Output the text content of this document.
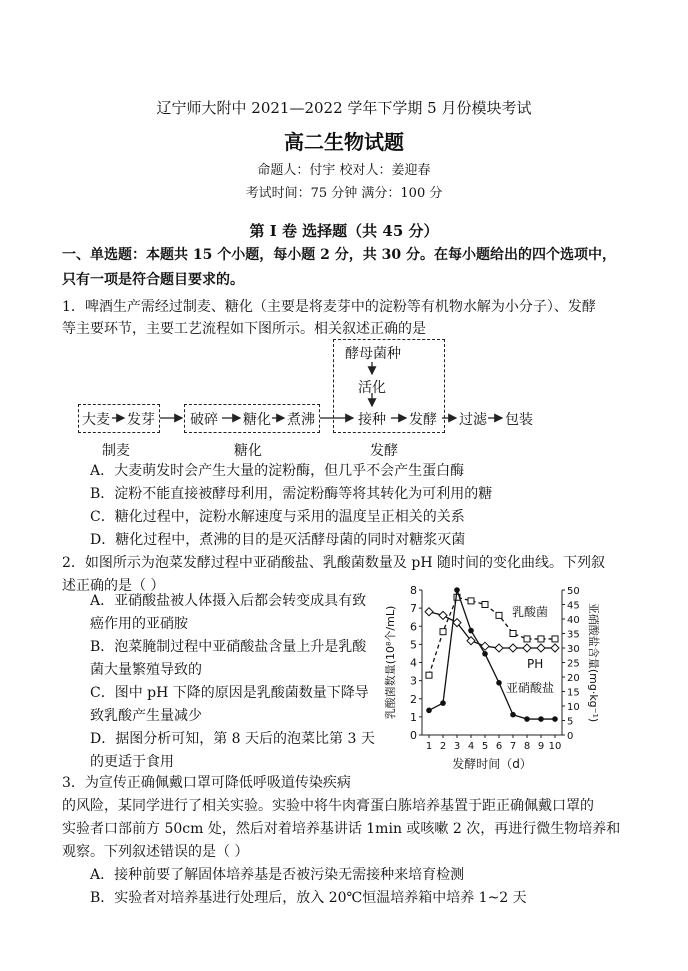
辽宁师大附中 2021—2022 学年下学期 5 月份模块考试
高二生物试题
命题人：付宇 校对人：姜迎春
考试时间：75 分钟 满分：100 分
第 Ⅰ 卷 选择题（共 45 分）
一、单选题：本题共 15 个小题，每小题 2 分，共 30 分。在每小题给出的四个选项中，
只有一项是符合题目要求的。
1．啤酒生产需经过制麦、糖化（主要是将麦芽中的淀粉等有机物水解为小分子）、发酵
等主要环节，主要工艺流程如下图所示。相关叙述正确的是
酵母菌种
活化
大麦 发芽	破碎 糖化 煮沸	接种 发酵 过滤 包装
制麦	糖化	发酵
A．大麦萌发时会产生大量的淀粉酶，但几乎不会产生蛋白酶
B．淀粉不能直接被酵母利用，需淀粉酶等将其转化为可利用的糖
C．糖化过程中，淀粉水解速度与采用的温度呈正相关的关系
D．糖化过程中，煮沸的目的是灭活酵母菌的同时对糖浆灭菌
2．如图所示为泡菜发酵过程中亚硝酸盐、乳酸菌数量及 pH 随时间的变化曲线。下列叙
述正确的是（ ）
A．亚硝酸盐被人体摄入后都会转变成具有致
癌作用的亚硝胺
B．泡菜腌制过程中亚硝酸盐含量上升是乳酸
菌大量繁殖导致的
C．图中 pH 下降的原因是乳酸菌数量下降导
致乳酸产生量减少
D．据图分析可知，第 8 天后的泡菜比第 3 天
的更适于食用
0
1
2
3
4
5
6
7
8
0
5
10
15
20
25
30
35
40
45
50
1 2 3 4 5 6 7 8 9 10
发酵时间（d）
乳酸菌数量(10⁸个/mL)	亚硝酸盐含量(mg·kg⁻¹)
乳酸菌
PH
亚硝酸盐
3．为宣传正确佩戴口罩可降低呼吸道传染疾病
的风险，某同学进行了相关实验。实验中将牛肉膏蛋白胨培养基置于距正确佩戴口罩的
实验者口部前方 50cm 处，然后对着培养基讲话 1min 或咳嗽 2 次，再进行微生物培养和
观察。下列叙述错误的是（ ）
A．接种前要了解固体培养基是否被污染无需接种来培育检测
B．实验者对培养基进行处理后，放入 20℃恒温培养箱中培养 1~2 天
